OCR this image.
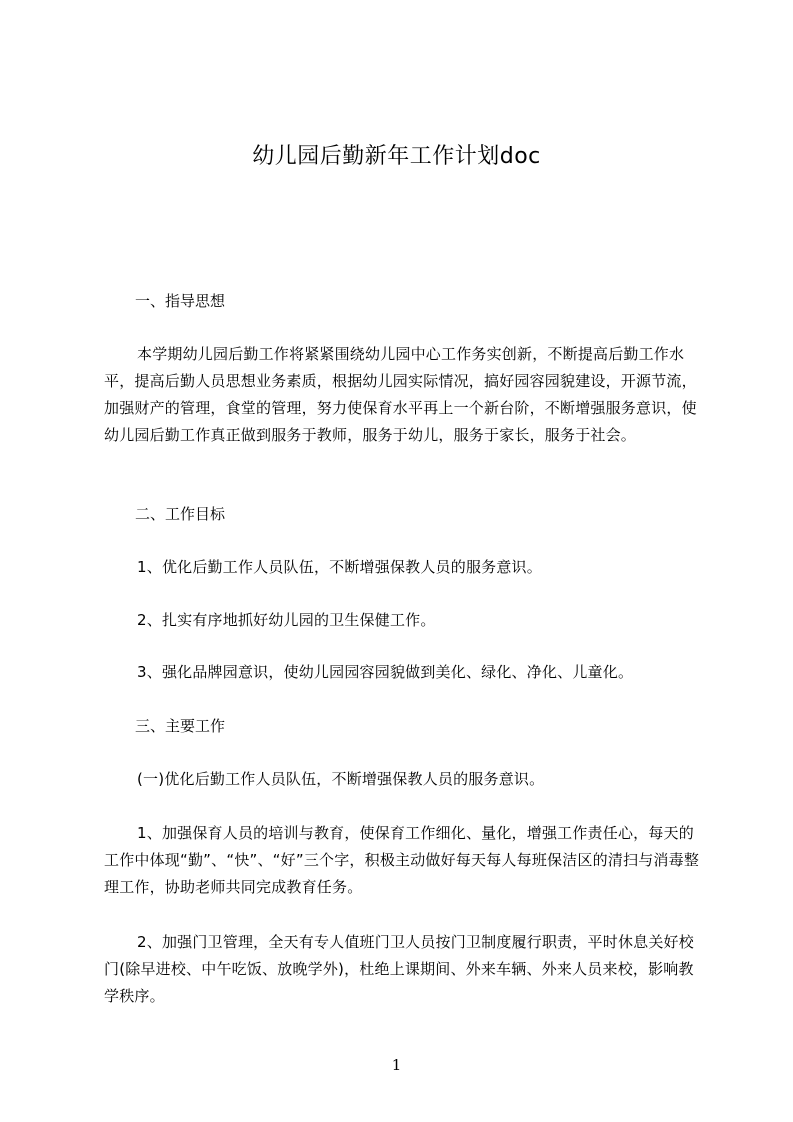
幼儿园后勤新年工作计划doc

一、指导思想

本学期幼儿园后勤工作将紧紧围绕幼儿园中心工作务实创新，不断提高后勤工作水平，提高后勤人员思想业务素质，根据幼儿园实际情况，搞好园容园貌建设，开源节流，加强财产的管理，食堂的管理，努力使保育水平再上一个新台阶，不断增强服务意识，使幼儿园后勤工作真正做到服务于教师，服务于幼儿，服务于家长，服务于社会。

二、工作目标

1、优化后勤工作人员队伍，不断增强保教人员的服务意识。

2、扎实有序地抓好幼儿园的卫生保健工作。

3、强化品牌园意识，使幼儿园园容园貌做到美化、绿化、净化、儿童化。

三、主要工作

(一)优化后勤工作人员队伍，不断增强保教人员的服务意识。

1、加强保育人员的培训与教育，使保育工作细化、量化，增强工作责任心，每天的工作中体现“勤”、“快”、“好”三个字，积极主动做好每天每人每班保洁区的清扫与消毒整理工作，协助老师共同完成教育任务。

2、加强门卫管理，全天有专人值班门卫人员按门卫制度履行职责，平时休息关好校门(除早进校、中午吃饭、放晚学外)，杜绝上课期间、外来车辆、外来人员来校，影响教学秩序。

1
